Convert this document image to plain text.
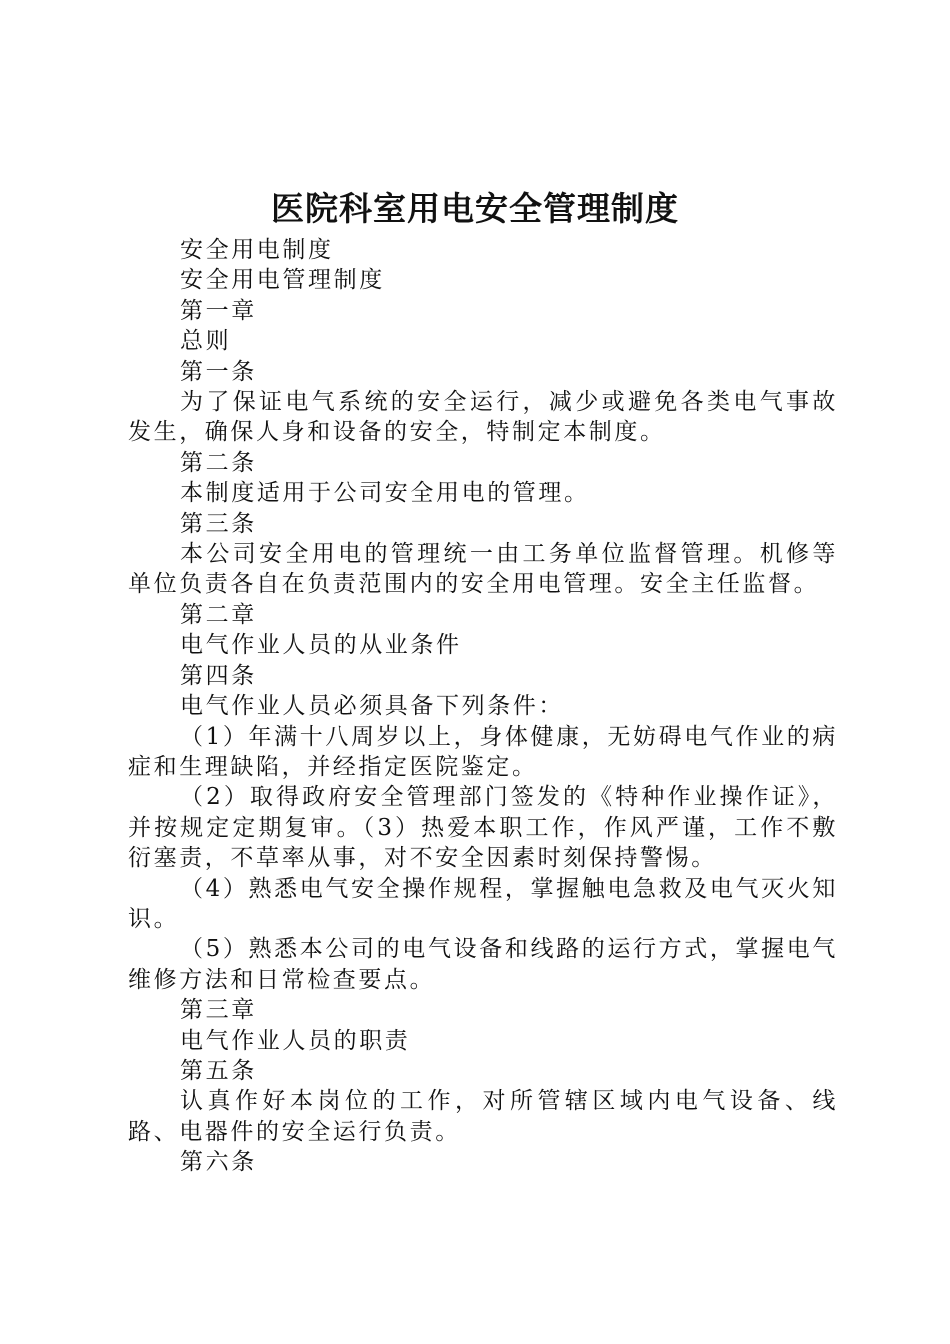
医院科室用电安全管理制度

安全用电制度

安全用电管理制度

第一章

总则

第一条

为了保证电气系统的安全运行，减少或避免各类电气事故发生，确保人身和设备的安全，特制定本制度。

第二条

本制度适用于公司安全用电的管理。

第三条

本公司安全用电的管理统一由工务单位监督管理。机修等单位负责各自在负责范围内的安全用电管理。安全主任监督。

第二章

电气作业人员的从业条件

第四条

电气作业人员必须具备下列条件：

（1）年满十八周岁以上，身体健康，无妨碍电气作业的病症和生理缺陷，并经指定医院鉴定。

（2）取得政府安全管理部门签发的《特种作业操作证》，并按规定定期复审。（3）热爱本职工作，作风严谨，工作不敷衍塞责，不草率从事，对不安全因素时刻保持警惕。

（4）熟悉电气安全操作规程，掌握触电急救及电气灭火知识。

（5）熟悉本公司的电气设备和线路的运行方式，掌握电气维修方法和日常检查要点。

第三章

电气作业人员的职责

第五条

认真作好本岗位的工作，对所管辖区域内电气设备、线路、电器件的安全运行负责。

第六条
